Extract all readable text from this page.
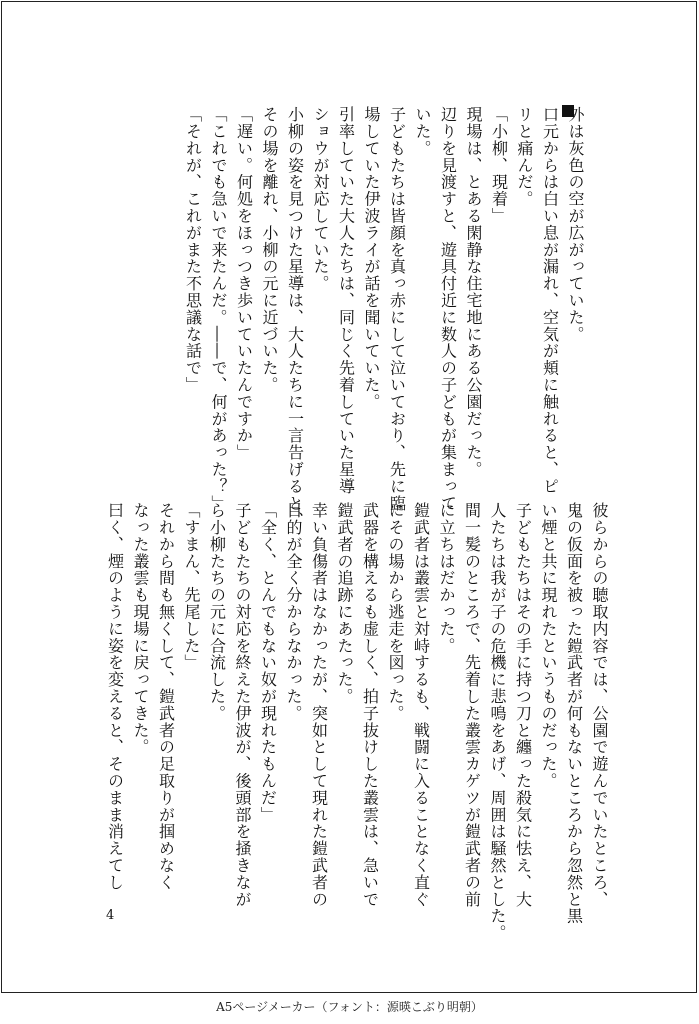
外は灰色の空が広がっていた。
口元からは白い息が漏れ、空気が頬に触れると、ピ
リと痛んだ。
「小柳、現着」
現場は、とある閑静な住宅地にある公園だった。
辺りを見渡すと、遊具付近に数人の子どもが集まって
いた。
子どもたちは皆顔を真っ赤にして泣いており、先に臨
場していた伊波ライが話を聞いていた。
引率していた大人たちは、同じく先着していた星導
ショウが対応していた。
小柳の姿を見つけた星導は、大人たちに一言告げると、
その場を離れ、小柳の元に近づいた。
「遅い。何処をほっつき歩いていたんですか」
「これでも急いで来たんだ。――で、何があった？」
「それが、これがまた不思議な話で」
彼らからの聴取内容では、公園で遊んでいたところ、
鬼の仮面を被った鎧武者が何もないところから忽然と黒
い煙と共に現れたというものだった。
子どもたちはその手に持つ刀と纏った殺気に怯え、大
人たちは我が子の危機に悲鳴をあげ、周囲は騒然とした。
間一髪のところで、先着した叢雲カゲツが鎧武者の前
に立ちはだかった。
鎧武者は叢雲と対峙するも、戦闘に入ることなく直ぐ
にその場から逃走を図った。
武器を構えるも虚しく、拍子抜けした叢雲は、急いで
鎧武者の追跡にあたった。
幸い負傷者はなかったが、突如として現れた鎧武者の
目的が全く分からなかった。
「全く、とんでもない奴が現れたもんだ」
子どもたちの対応を終えた伊波が、後頭部を掻きなが
ら小柳たちの元に合流した。
「すまん、先尾した」
それから間も無くして、鎧武者の足取りが掴めなく
なった叢雲も現場に戻ってきた。
曰く、煙のように姿を変えると、そのまま消えてし
4
A5ページメーカー（フォント：源暎こぶり明朝）
